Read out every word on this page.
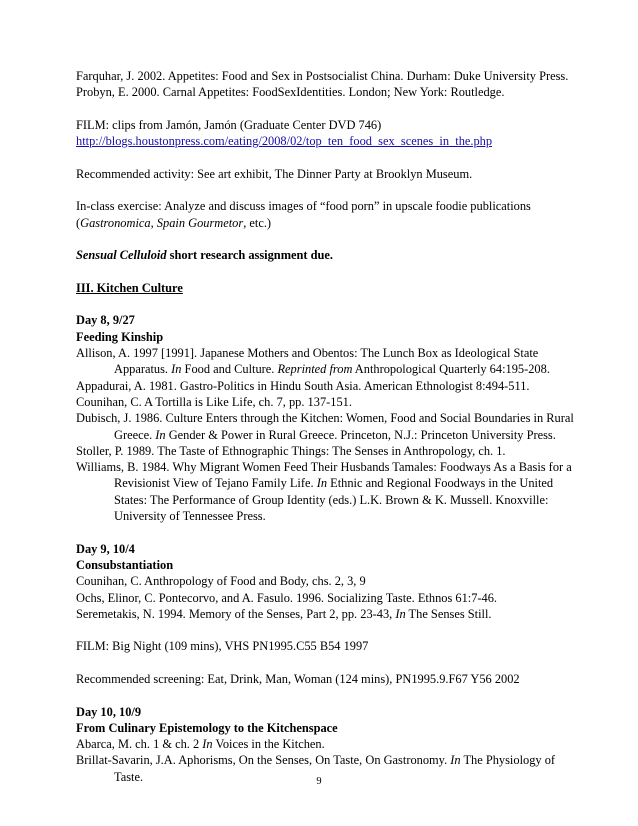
Farquhar, J. 2002. Appetites: Food and Sex in Postsocialist China. Durham: Duke University Press.

Probyn, E. 2000. Carnal Appetites: FoodSexIdentities. London; New York: Routledge.

FILM: clips from Jamón, Jamón (Graduate Center DVD 746)

http://blogs.houstonpress.com/eating/2008/02/top_ten_food_sex_scenes_in_the.php

Recommended activity: See art exhibit, The Dinner Party at Brooklyn Museum.

In-class exercise: Analyze and discuss images of “food porn” in upscale foodie publications
(Gastronomica, Spain Gourmetor, etc.)

Sensual Celluloid short research assignment due.

III. Kitchen Culture

Day 8, 9/27

Feeding Kinship

Allison, A. 1997 [1991]. Japanese Mothers and Obentos: The Lunch Box as Ideological State Apparatus. In Food and Culture. Reprinted from Anthropological Quarterly 64:195-208.

Appadurai, A. 1981. Gastro-Politics in Hindu South Asia. American Ethnologist 8:494-511.

Counihan, C. A Tortilla is Like Life, ch. 7, pp. 137-151.

Dubisch, J. 1986. Culture Enters through the Kitchen: Women, Food and Social Boundaries in Rural Greece. In Gender & Power in Rural Greece. Princeton, N.J.: Princeton University Press.

Stoller, P. 1989. The Taste of Ethnographic Things: The Senses in Anthropology, ch. 1.

Williams, B. 1984. Why Migrant Women Feed Their Husbands Tamales: Foodways As a Basis for a Revisionist View of Tejano Family Life. In Ethnic and Regional Foodways in the United States: The Performance of Group Identity (eds.) L.K. Brown & K. Mussell. Knoxville: University of Tennessee Press.

Day 9, 10/4

Consubstantiation

Counihan, C. Anthropology of Food and Body, chs. 2, 3, 9

Ochs, Elinor, C. Pontecorvo, and A. Fasulo. 1996. Socializing Taste. Ethnos 61:7-46.

Seremetakis, N. 1994. Memory of the Senses, Part 2, pp. 23-43, In The Senses Still.

FILM: Big Night (109 mins), VHS PN1995.C55 B54 1997

Recommended screening: Eat, Drink, Man, Woman (124 mins), PN1995.9.F67 Y56 2002

Day 10, 10/9

From Culinary Epistemology to the Kitchenspace

Abarca, M. ch. 1 & ch. 2 In Voices in the Kitchen.

Brillat-Savarin, J.A. Aphorisms, On the Senses, On Taste, On Gastronomy. In The Physiology of Taste.	9
